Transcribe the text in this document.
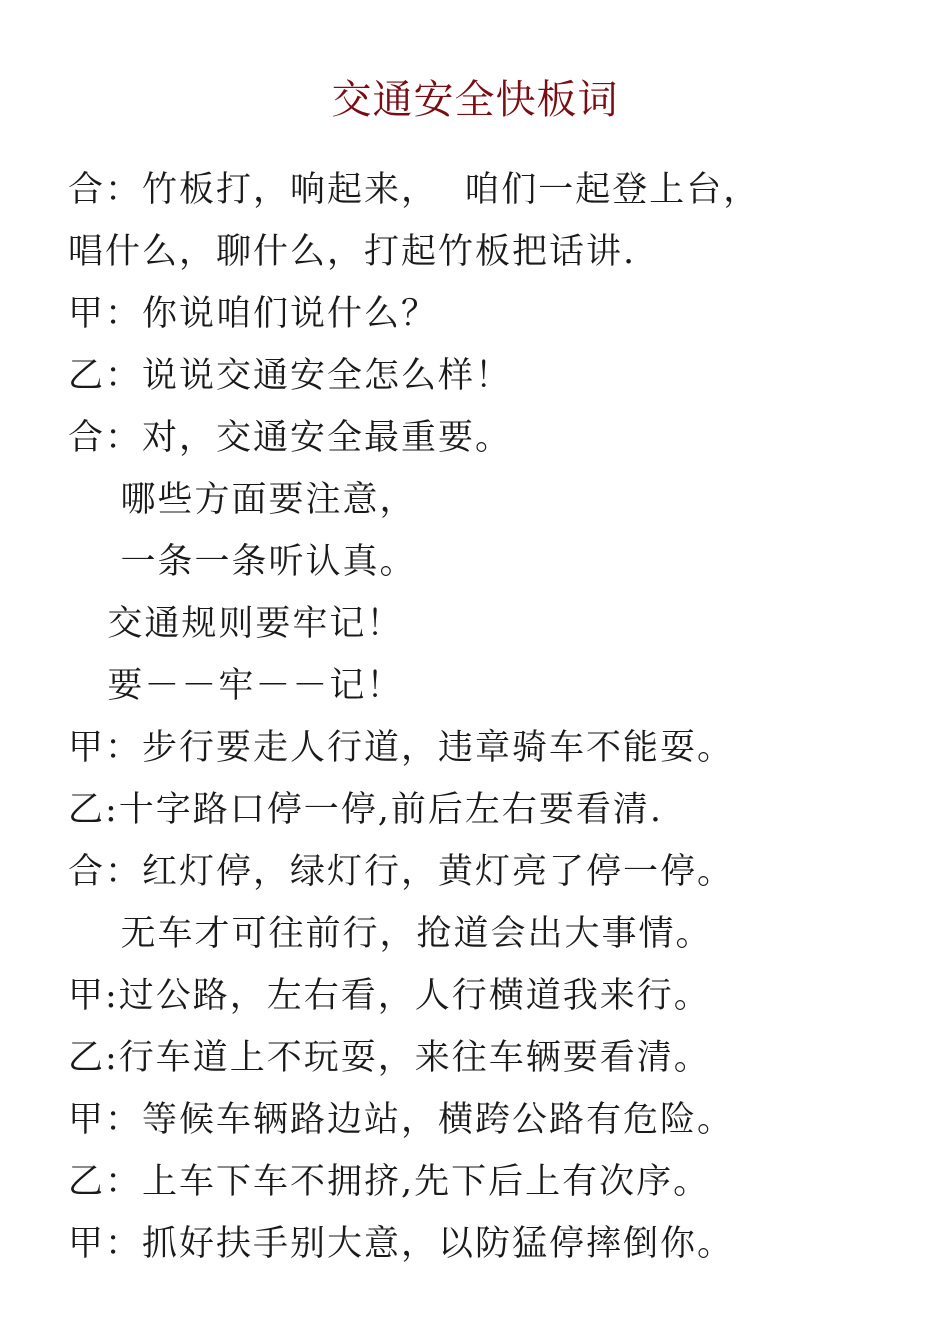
交通安全快板词
合：竹板打，响起来，  咱们一起登上台，
唱什么，聊什么，打起竹板把话讲.
甲：你说咱们说什么？
乙：说说交通安全怎么样！
合：对，交通安全最重要。
哪些方面要注意，
一条一条听认真。
交通规则要牢记！
要－－牢－－记！
甲：步行要走人行道，违章骑车不能耍。
乙:十字路口停一停,前后左右要看清.
合：红灯停，绿灯行，黄灯亮了停一停。
无车才可往前行，抢道会出大事情。
甲:过公路，左右看，人行横道我来行。
乙:行车道上不玩耍，来往车辆要看清。
甲：等候车辆路边站，横跨公路有危险。
乙：上车下车不拥挤,先下后上有次序。
甲：抓好扶手别大意，以防猛停摔倒你。
